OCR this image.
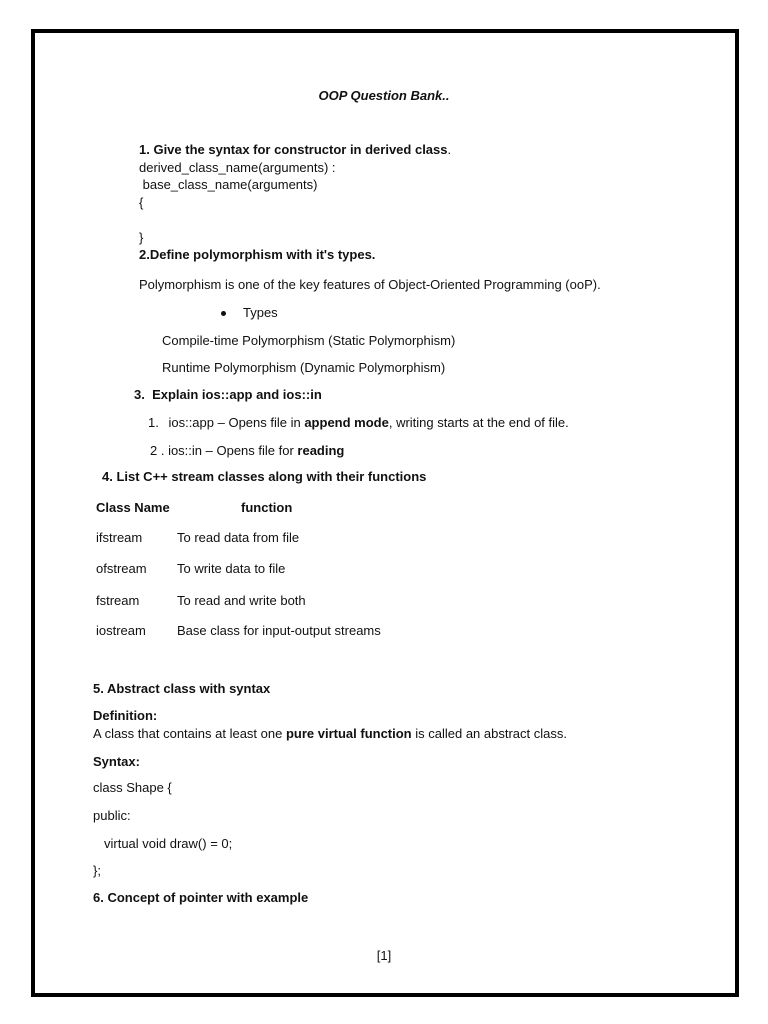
OOP Question Bank..
1. Give the syntax for constructor in derived class.
derived_class_name(arguments) :
base_class_name(arguments)
{
}
2.Define polymorphism with it's types.
Polymorphism is one of the key features of Object-Oriented Programming (ooP).
Types
Compile-time Polymorphism (Static Polymorphism)
Runtime Polymorphism (Dynamic Polymorphism)
3.  Explain ios::app and ios::in
1. ios::app – Opens file in append mode, writing starts at the end of file.
2 . ios::in – Opens file for reading
4. List C++ stream classes along with their functions
Class Name	function
ifstream	To read data from file
ofstream To write data to file
fstream	To read and write both
iostream Base class for input-output streams
5. Abstract class with syntax
Definition:
A class that contains at least one pure virtual function is called an abstract class.
Syntax:
class Shape {
public:
virtual void draw() = 0;
};
6. Concept of pointer with example
[1]
